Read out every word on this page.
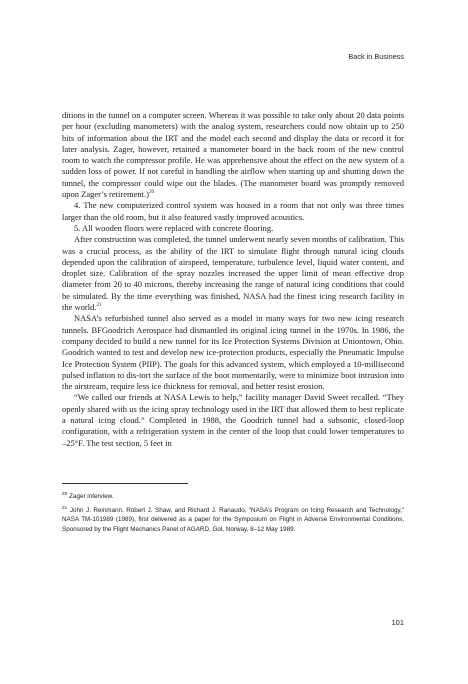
Back in Business

ditions in the tunnel on a computer screen. Whereas it was possible to take only about 20 data points per hour (excluding manometers) with the analog system, researchers could now obtain up to 250 bits of information about the IRT and the model each second and display the data or record it for later analysis. Zager, however, retained a manometer board in the back room of the new control room to watch the compressor profile. He was apprehensive about the effect on the new system of a sudden loss of power. If not careful in handling the airflow when starting up and shutting down the tunnel, the compressor could wipe out the blades. (The manometer board was promptly removed upon Zager’s retirement.)$^{20}$

4. The new computerized control system was housed in a room that not only was three times larger than the old room, but it also featured vastly improved acoustics.

5. All wooden floors were replaced with concrete flooring.

After construction was completed, the tunnel underwent nearly seven months of calibration. This was a crucial process, as the ability of the IRT to simulate flight through natural icing clouds depended upon the calibration of airspeed, temperature, turbulence level, liquid water content, and droplet size. Calibration of the spray nozzles increased the upper limit of mean effective drop diameter from 20 to 40 microns, thereby increasing the range of natural icing conditions that could be simulated. By the time everything was finished, NASA had the finest icing research facility in the world.$^{21}$

NASA’s refurbished tunnel also served as a model in many ways for two new icing research tunnels. BFGoodrich Aerospace had dismantled its original icing tunnel in the 1970s. In 1986, the company decided to build a new tunnel for its Ice Protection Systems Division at Uniontown, Ohio. Goodrich wanted to test and develop new ice-protection products, especially the Pneumatic Impulse Ice Protection System (PIIP). The goals for this advanced system, which employed a 10-millisecond pulsed inflation to dis-tort the surface of the boot momentarily, were to minimize boot intrusion into the airstream, require less ice thickness for removal, and better resist erosion.

“We called our friends at NASA Lewis to help,” facility manager David Sweet recalled. “They openly shared with us the icing spray technology used in the IRT that allowed them to best replicate a natural icing cloud.” Completed in 1988, the Goodrich tunnel had a subsonic, closed-loop configuration, with a refrigeration system in the center of the loop that could lower temperatures to –25°F. The test section, 5 feet in

$^{20}$ Zager interview.

$^{21}$ John J. Reinmann, Robert J. Shaw, and Richard J. Ranaudo, “NASA’s Program on Icing Research and Technology,” NASA TM-101989 (1989), first delivered as a paper for the Symposium on Flight in Adverse Environmental Conditions, Sponsored by the Flight Mechanics Panel of AGARD, Gol, Norway, 8–12 May 1989.

101
